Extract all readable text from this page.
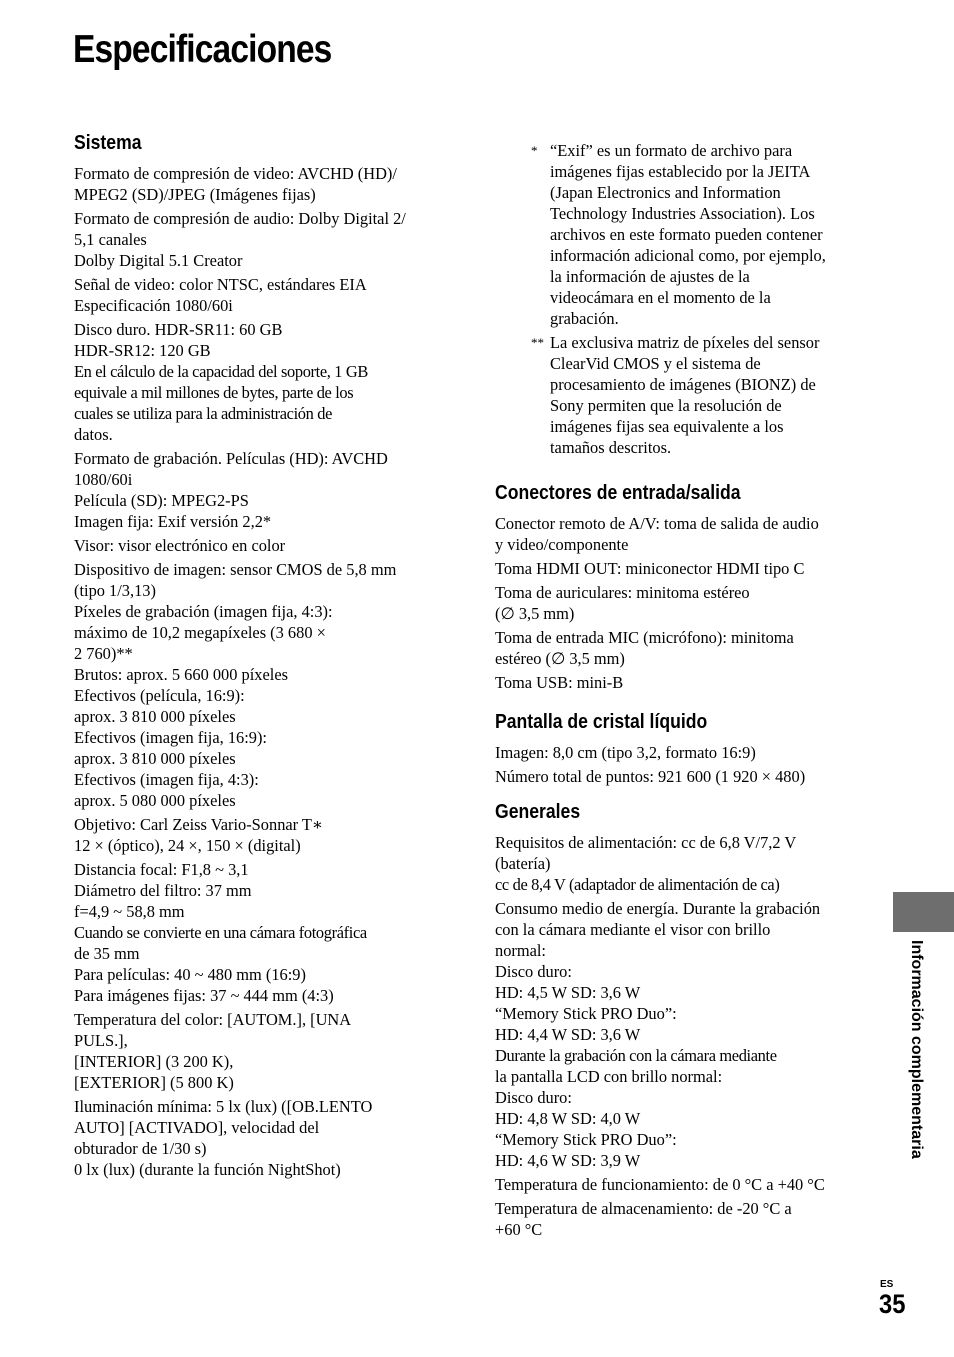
Especificaciones
Sistema
Formato de compresión de video: AVCHD (HD)/
MPEG2 (SD)/JPEG (Imágenes fijas)
Formato de compresión de audio: Dolby Digital 2/
5,1 canales
Dolby Digital 5.1 Creator
Señal de video: color NTSC, estándares EIA
Especificación 1080/60i
Disco duro. HDR-SR11: 60 GB
HDR-SR12: 120 GB
En el cálculo de la capacidad del soporte, 1 GB
equivale a mil millones de bytes, parte de los
cuales se utiliza para la administración de
datos.
Formato de grabación. Películas (HD): AVCHD
1080/60i
Película (SD): MPEG2-PS
Imagen fija: Exif versión 2,2*
Visor: visor electrónico en color
Dispositivo de imagen: sensor CMOS de 5,8 mm
(tipo 1/3,13)
Píxeles de grabación (imagen fija, 4:3):
máximo de 10,2 megapíxeles (3 680 ×
2 760)**
Brutos: aprox. 5 660 000 píxeles
Efectivos (película, 16:9):
aprox. 3 810 000 píxeles
Efectivos (imagen fija, 16:9):
aprox. 3 810 000 píxeles
Efectivos (imagen fija, 4:3):
aprox. 5 080 000 píxeles
Objetivo: Carl Zeiss Vario-Sonnar T∗
12 × (óptico), 24 ×, 150 × (digital)
Distancia focal: F1,8 ~ 3,1
Diámetro del filtro: 37 mm
f=4,9 ~ 58,8 mm
Cuando se convierte en una cámara fotográfica
de 35 mm
Para películas: 40 ~ 480 mm (16:9)
Para imágenes fijas: 37 ~ 444 mm (4:3)
Temperatura del color: [AUTOM.], [UNA
PULS.],
[INTERIOR] (3 200 K),
[EXTERIOR] (5 800 K)
Iluminación mínima: 5 lx (lux) ([OB.LENTO
AUTO] [ACTIVADO], velocidad del
obturador de 1/30 s)
0 lx (lux) (durante la función NightShot)
* “Exif” es un formato de archivo para
imágenes fijas establecido por la JEITA
(Japan Electronics and Information
Technology Industries Association). Los
archivos en este formato pueden contener
información adicional como, por ejemplo,
la información de ajustes de la
videocámara en el momento de la
grabación.
** La exclusiva matriz de píxeles del sensor
ClearVid CMOS y el sistema de
procesamiento de imágenes (BIONZ) de
Sony permiten que la resolución de
imágenes fijas sea equivalente a los
tamaños descritos.
Conectores de entrada/salida
Conector remoto de A/V: toma de salida de audio
y video/componente
Toma HDMI OUT: miniconector HDMI tipo C
Toma de auriculares: minitoma estéreo
(∅ 3,5 mm)
Toma de entrada MIC (micrófono): minitoma
estéreo (∅ 3,5 mm)
Toma USB: mini-B
Pantalla de cristal líquido
Imagen: 8,0 cm (tipo 3,2, formato 16:9)
Número total de puntos: 921 600 (1 920 × 480)
Generales
Requisitos de alimentación: cc de 6,8 V/7,2 V
(batería)
cc de 8,4 V (adaptador de alimentación de ca)
Consumo medio de energía. Durante la grabación
con la cámara mediante el visor con brillo
normal:
Disco duro:
HD: 4,5 W SD: 3,6 W
“Memory Stick PRO Duo”:
HD: 4,4 W SD: 3,6 W
Durante la grabación con la cámara mediante
la pantalla LCD con brillo normal:
Disco duro:
HD: 4,8 W SD: 4,0 W
“Memory Stick PRO Duo”:
HD: 4,6 W SD: 3,9 W
Temperatura de funcionamiento: de 0 °C a +40 °C
Temperatura de almacenamiento: de -20 °C a
+60 °C
Información complementaria
ES
35
